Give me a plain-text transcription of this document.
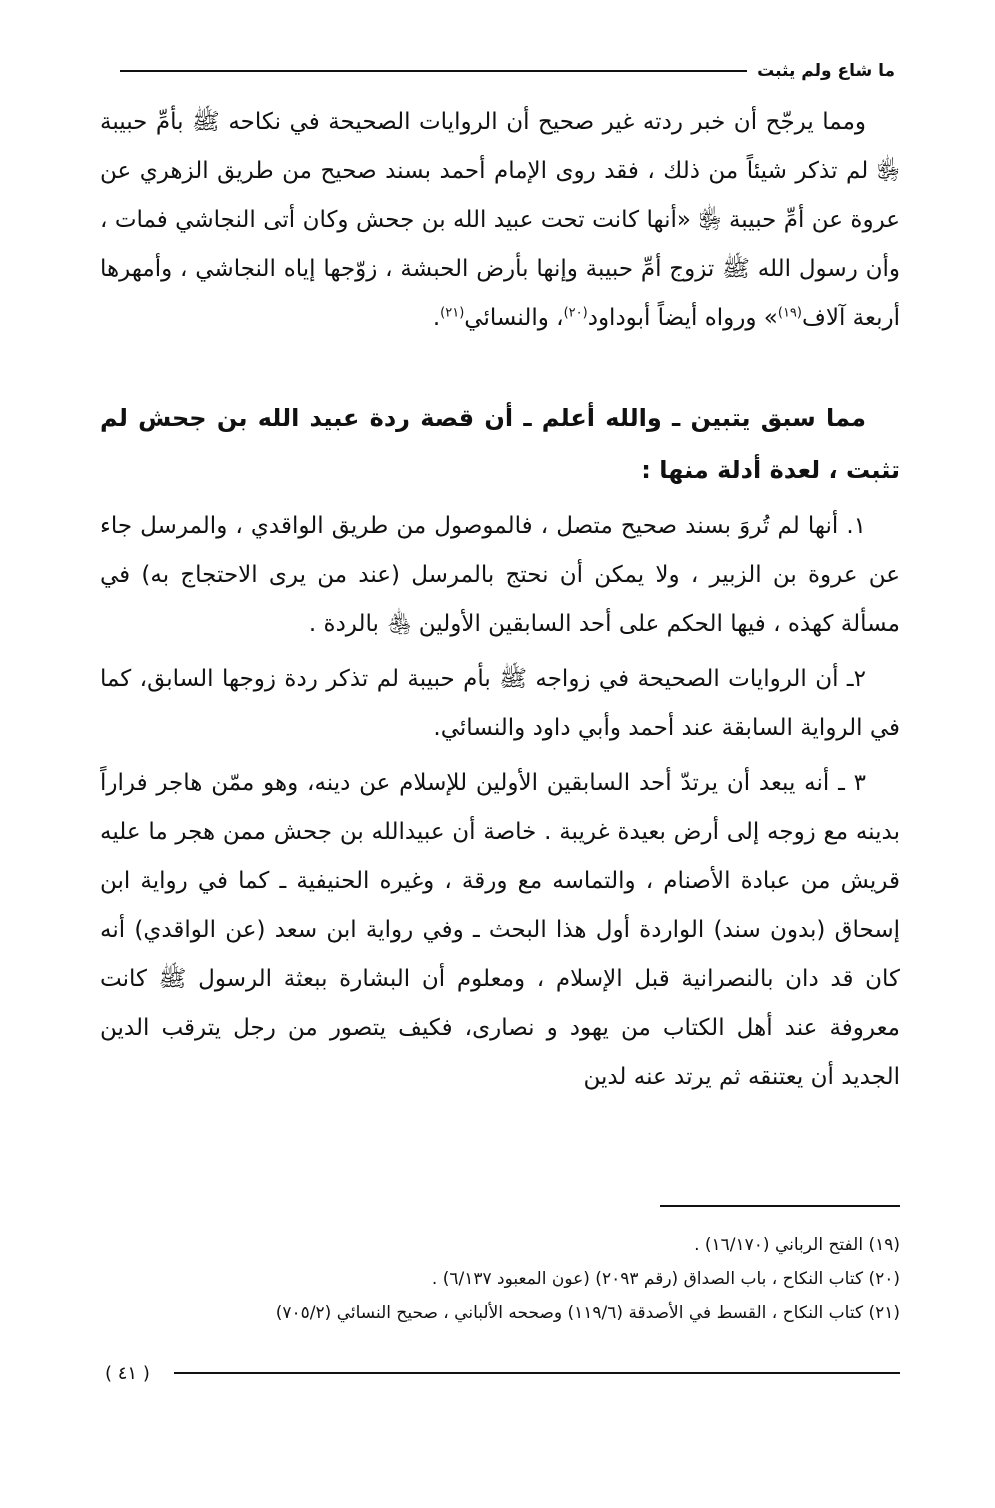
ما شاع ولم يثبت

ومما يرجّح أن خبر ردته غير صحيح أن الروايات الصحيحة في نكاحه ﷺ بأمِّ حبيبة ﵂ لم تذكر شيئاً من ذلك ، فقد روى الإمام أحمد بسند صحيح من طريق الزهري عن عروة عن أمِّ حبيبة ﵂ «أنها كانت تحت عبيد الله بن جحش وكان أتى النجاشي فمات ، وأن رسول الله ﷺ تزوج أمِّ حبيبة وإنها بأرض الحبشة ، زوّجها إياه النجاشي ، وأمهرها أربعة آلاف$^{(١٩)}$» ورواه أيضاً أبوداود$^{(٢٠)}$، والنسائي$^{(٢١)}$.

مما سبق يتبين ـ والله أعلم ـ أن قصة ردة عبيد الله بن جحش لم تثبت ، لعدة أدلة منها :

١. أنها لم تُروَ بسند صحيح متصل ، فالموصول من طريق الواقدي ، والمرسل جاء عن عروة بن الزبير ، ولا يمكن أن نحتج بالمرسل (عند من يرى الاحتجاج به) في مسألة كهذه ، فيها الحكم على أحد السابقين الأولين ﵃ بالردة .

٢ـ أن الروايات الصحيحة في زواجه ﷺ بأم حبيبة لم تذكر ردة زوجها السابق، كما في الرواية السابقة عند أحمد وأبي داود والنسائي.

٣ ـ أنه يبعد أن يرتدّ أحد السابقين الأولين للإسلام عن دينه، وهو ممّن هاجر فراراً بدينه مع زوجه إلى أرض بعيدة غريبة . خاصة أن عبيدالله بن جحش ممن هجر ما عليه قريش من عبادة الأصنام ، والتماسه مع ورقة ، وغيره الحنيفية ـ كما في رواية ابن إسحاق (بدون سند) الواردة أول هذا البحث ـ وفي رواية ابن سعد (عن الواقدي) أنه كان قد دان بالنصرانية قبل الإسلام ، ومعلوم أن البشارة ببعثة الرسول ﷺ كانت معروفة عند أهل الكتاب من يهود و نصارى، فكيف يتصور من رجل يترقب الدين الجديد أن يعتنقه ثم يرتد عنه لدين

(١٩) الفتح الرباني (١٦/١٧٠) .
(٢٠) كتاب النكاح ، باب الصداق (رقم ٢٠٩٣) (عون المعبود ٦/١٣٧) .
(٢١) كتاب النكاح ، القسط في الأصدقة (١١٩/٦) وصححه الألباني ، صحيح النسائي (٧٠٥/٢)
( ٤١ )
